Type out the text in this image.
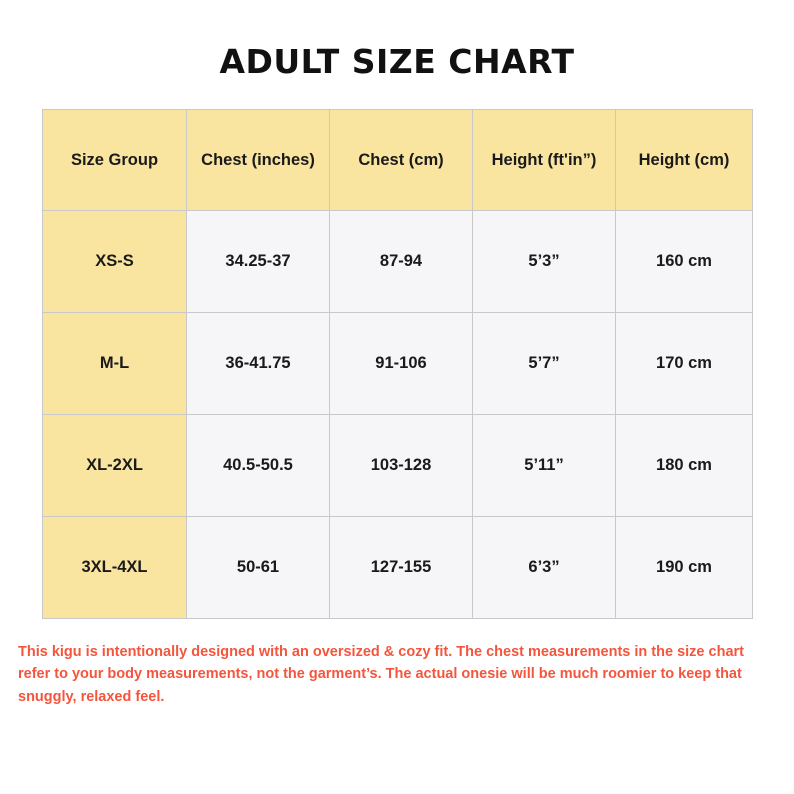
ADULT SIZE CHART
Size Group	Chest (inches)	Chest (cm)	Height (ft'in”)	Height (cm)
XS-S	34.25-37	87-94	5’3”	160 cm
M-L	36-41.75	91-106	5’7”	170 cm
XL-2XL	40.5-50.5	103-128	5’11”	180 cm
3XL-4XL	50-61	127-155	6’3”	190 cm

This kigu is intentionally designed with an oversized & cozy fit. The chest measurements in the size chart refer to your body measurements, not the garment’s. The actual onesie will be much roomier to keep that snuggly, relaxed feel.
